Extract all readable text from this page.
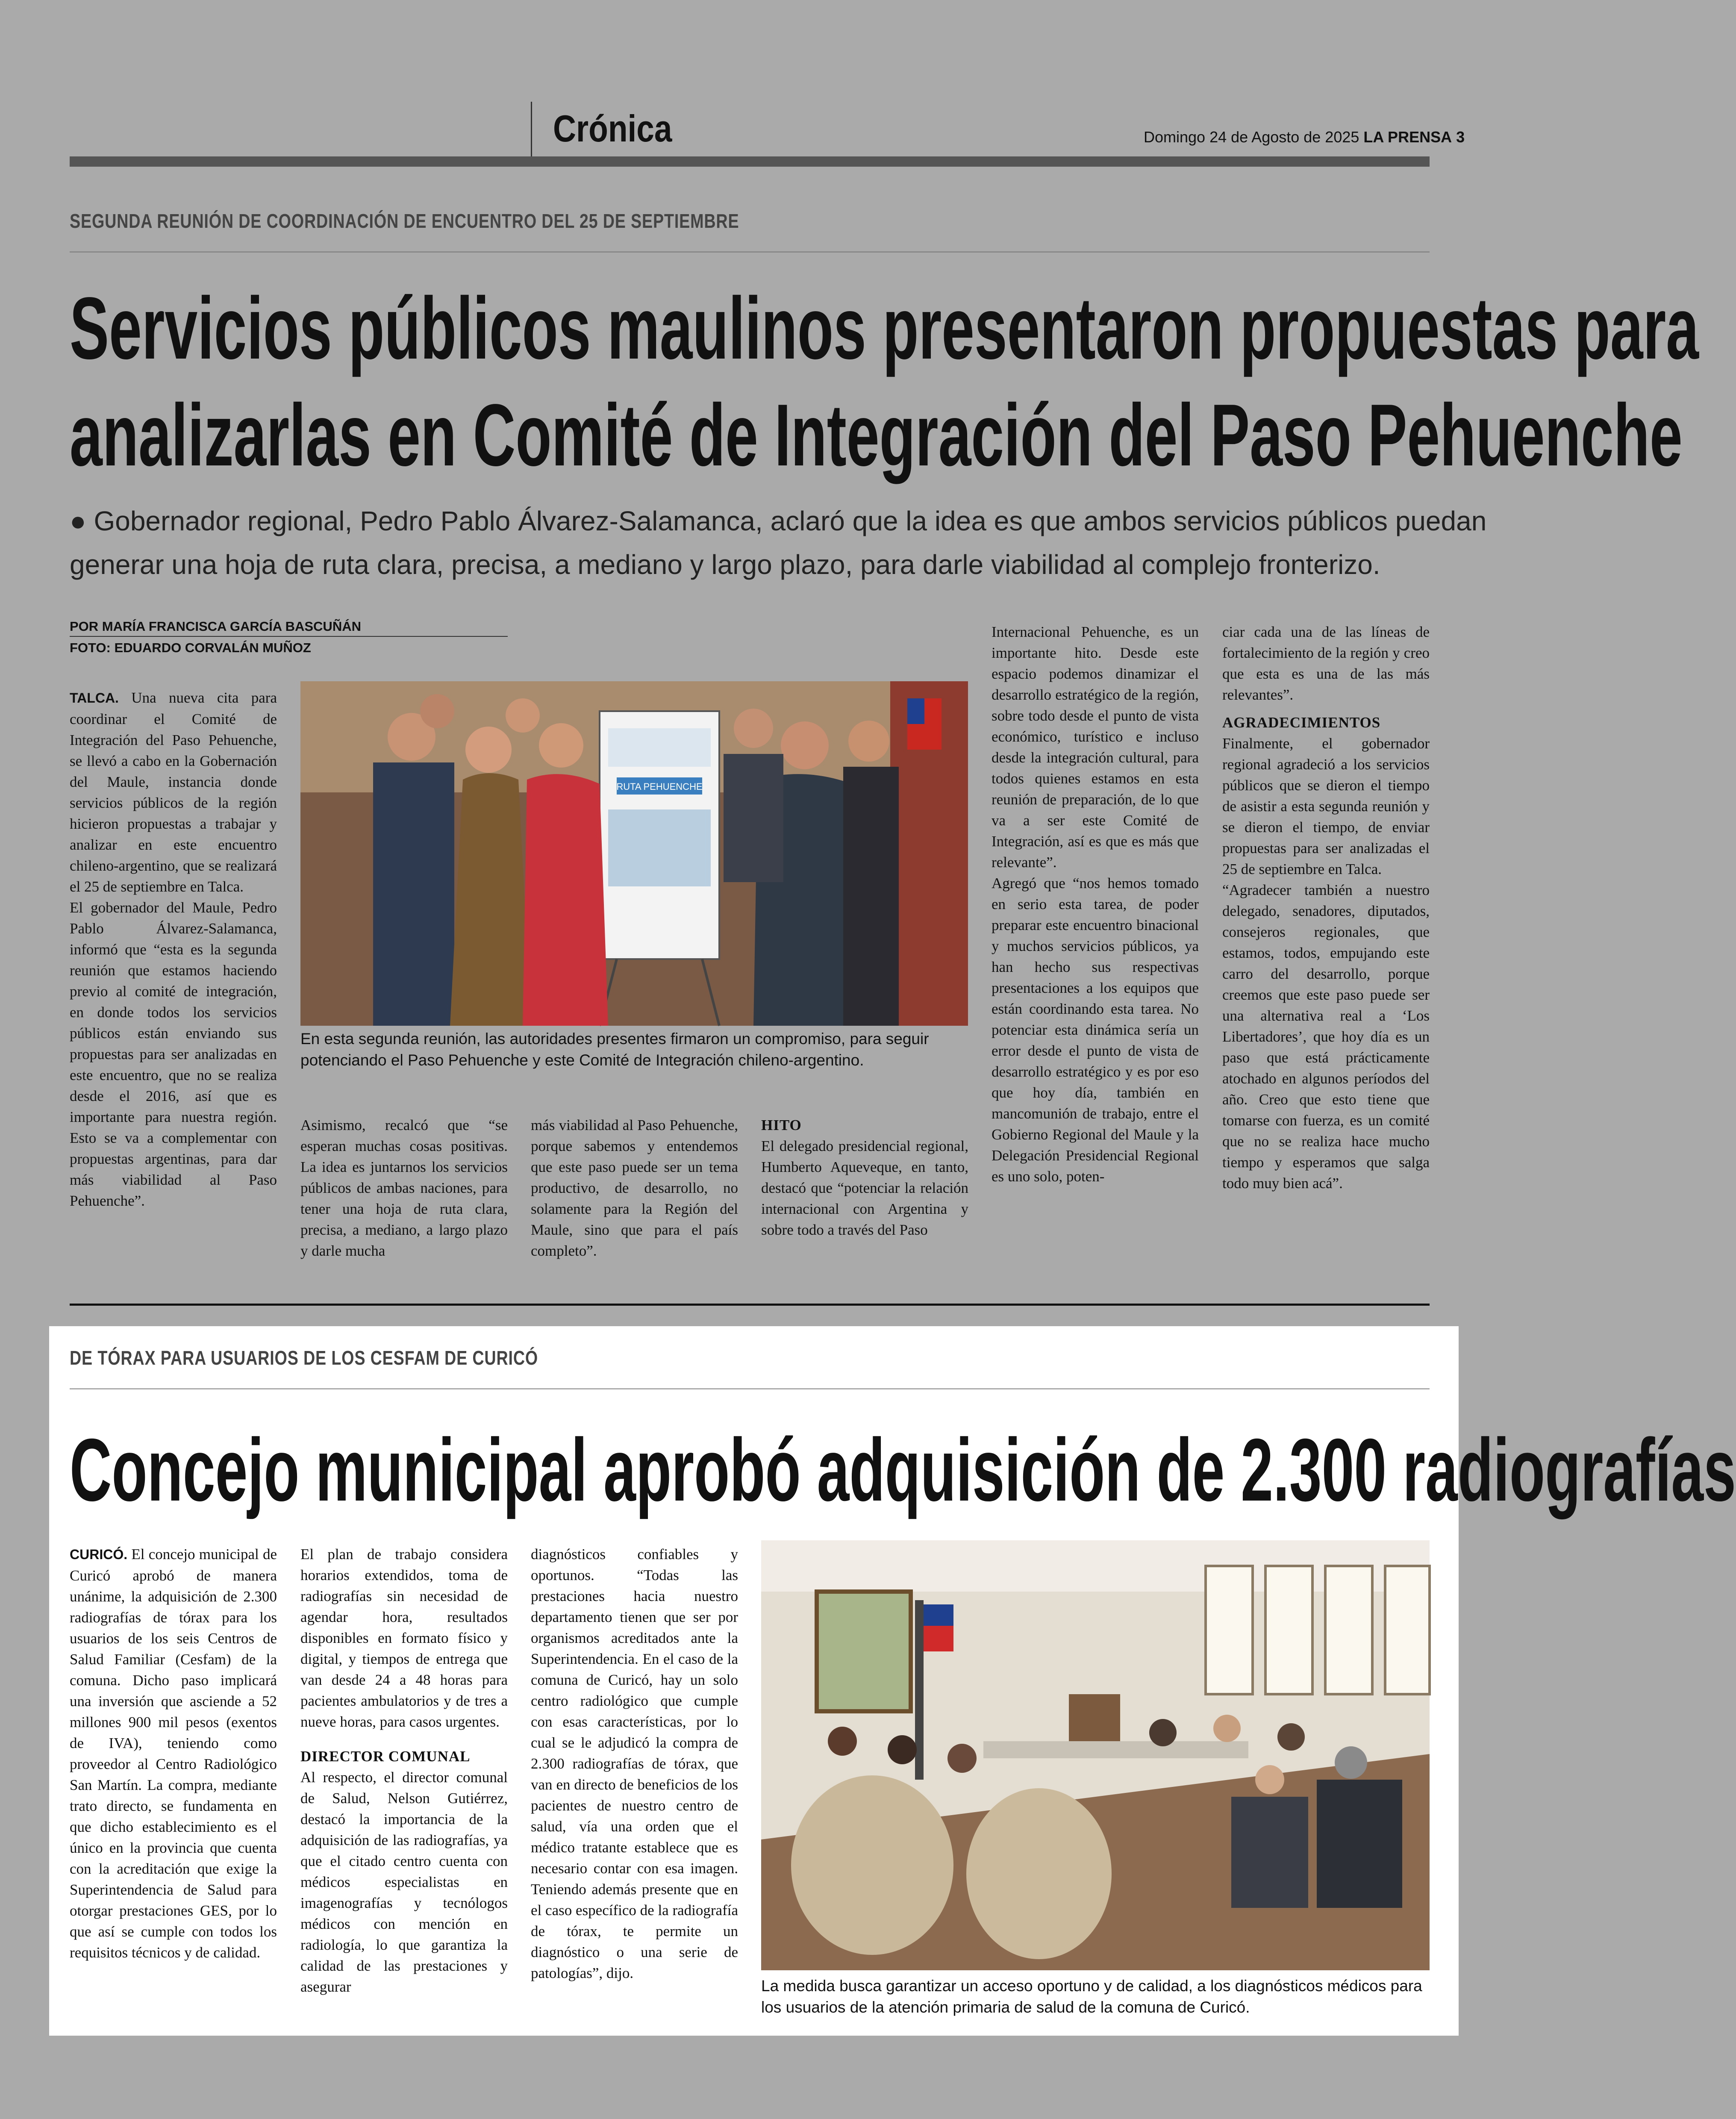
Crónica	Domingo 24 de Agosto de 2025 LA PRENSA 3
SEGUNDA REUNIÓN DE COORDINACIÓN DE ENCUENTRO DEL 25 DE SEPTIEMBRE
Servicios públicos maulinos presentaron propuestas para
analizarlas en Comité de Integración del Paso Pehuenche
● Gobernador regional, Pedro Pablo Álvarez-Salamanca, aclaró que la idea es que ambos servicios públicos puedan
generar una hoja de ruta clara, precisa, a mediano y largo plazo, para darle viabilidad al complejo fronterizo.
POR MARÍA FRANCISCA GARCÍA BASCUÑÁN
FOTO: EDUARDO CORVALÁN MUÑOZ

TALCA. Una nueva cita para coordinar el Comité de Integración del Paso Pehuenche, se llevó a cabo en la Gobernación del Maule, instancia donde servicios públicos de la región hicieron propuestas a trabajar y analizar en este encuentro chileno-argentino, que se realizará el 25 de septiembre en Talca.

El gobernador del Maule, Pedro Pablo Álvarez-Salamanca, informó que “esta es la segunda reunión que estamos haciendo previo al comité de integración, en donde todos los servicios públicos están enviando sus propuestas para ser analizadas en este encuentro, que no se realiza desde el 2016, así que es importante para nuestra región. Esto se va a complementar con propuestas argentinas, para dar más viabilidad al Paso Pehuenche”.

RUTA PEHUENCHE
En esta segunda reunión, las autoridades presentes firmaron un compromiso, para seguir
potenciando el Paso Pehuenche y este Comité de Integración chileno-argentino.

Asimismo, recalcó que “se esperan muchas cosas positivas. La idea es juntarnos los servicios públicos de ambas naciones, para tener una hoja de ruta clara, precisa, a mediano, a largo plazo y darle mucha

más viabilidad al Paso Pehuenche, porque sabemos y entendemos que este paso puede ser un tema productivo, de desarrollo, no solamente para la Región del Maule, sino que para el país completo”.

HITO

El delegado presidencial regional, Humberto Aqueveque, en tanto, destacó que “potenciar la relación internacional con Argentina y sobre todo a través del Paso

Internacional Pehuenche, es un importante hito. Desde este espacio podemos dinamizar el desarrollo estratégico de la región, sobre todo desde el punto de vista económico, turístico e incluso desde la integración cultural, para todos quienes estamos en esta reunión de preparación, de lo que va a ser este Comité de Integración, así es que es más que relevante”.

Agregó que “nos hemos tomado en serio esta tarea, de poder preparar este encuentro binacional y muchos servicios públicos, ya han hecho sus respectivas presentaciones a los equipos que están coordinando esta tarea. No potenciar esta dinámica sería un error desde el punto de vista de desarrollo estratégico y es por eso que hoy día, también en mancomunión de trabajo, entre el Gobierno Regional del Maule y la Delegación Presidencial Regional es uno solo, poten-

ciar cada una de las líneas de fortalecimiento de la región y creo que esta es una de las más relevantes”.

AGRADECIMIENTOS

Finalmente, el gobernador regional agradeció a los servicios públicos que se dieron el tiempo de asistir a esta segunda reunión y se dieron el tiempo, de enviar propuestas para ser analizadas el 25 de septiembre en Talca.

“Agradecer también a nuestro delegado, senadores, diputados, consejeros regionales, que estamos, todos, empujando este carro del desarrollo, porque creemos que este paso puede ser una alternativa real a ‘Los Libertadores’, que hoy día es un paso que está prácticamente atochado en algunos períodos del año. Creo que esto tiene que tomarse con fuerza, es un comité que no se realiza hace mucho tiempo y esperamos que salga todo muy bien acá”.

DE TÓRAX PARA USUARIOS DE LOS CESFAM DE CURICÓ
Concejo municipal aprobó adquisición de 2.300 radiografías

CURICÓ. El concejo municipal de Curicó aprobó de manera unánime, la adquisición de 2.300 radiografías de tórax para los usuarios de los seis Centros de Salud Familiar (Cesfam) de la comuna. Dicho paso implicará una inversión que asciende a 52 millones 900 mil pesos (exentos de IVA), teniendo como proveedor al Centro Radiológico San Martín. La compra, mediante trato directo, se fundamenta en que dicho establecimiento es el único en la provincia que cuenta con la acreditación que exige la Superintendencia de Salud para otorgar prestaciones GES, por lo que así se cumple con todos los requisitos técnicos y de calidad.

El plan de trabajo considera horarios extendidos, toma de radiografías sin necesidad de agendar hora, resultados disponibles en formato físico y digital, y tiempos de entrega que van desde 24 a 48 horas para pacientes ambulatorios y de tres a nueve horas, para casos urgentes.

DIRECTOR COMUNAL

Al respecto, el director comunal de Salud, Nelson Gutiérrez, destacó la importancia de la adquisición de las radiografías, ya que el citado centro cuenta con médicos especialistas en imagenografías y tecnólogos médicos con mención en radiología, lo que garantiza la calidad de las prestaciones y asegurar

diagnósticos confiables y oportunos. “Todas las prestaciones hacia nuestro departamento tienen que ser por organismos acreditados ante la Superintendencia. En el caso de la comuna de Curicó, hay un solo centro radiológico que cumple con esas características, por lo cual se le adjudicó la compra de 2.300 radiografías de tórax, que van en directo de beneficios de los pacientes de nuestro centro de salud, vía una orden que el médico tratante establece que es necesario contar con esa imagen. Teniendo además presente que en el caso específico de la radiografía de tórax, te permite un diagnóstico o una serie de patologías”, dijo.

La medida busca garantizar un acceso oportuno y de calidad, a los diagnósticos médicos para
los usuarios de la atención primaria de salud de la comuna de Curicó.
